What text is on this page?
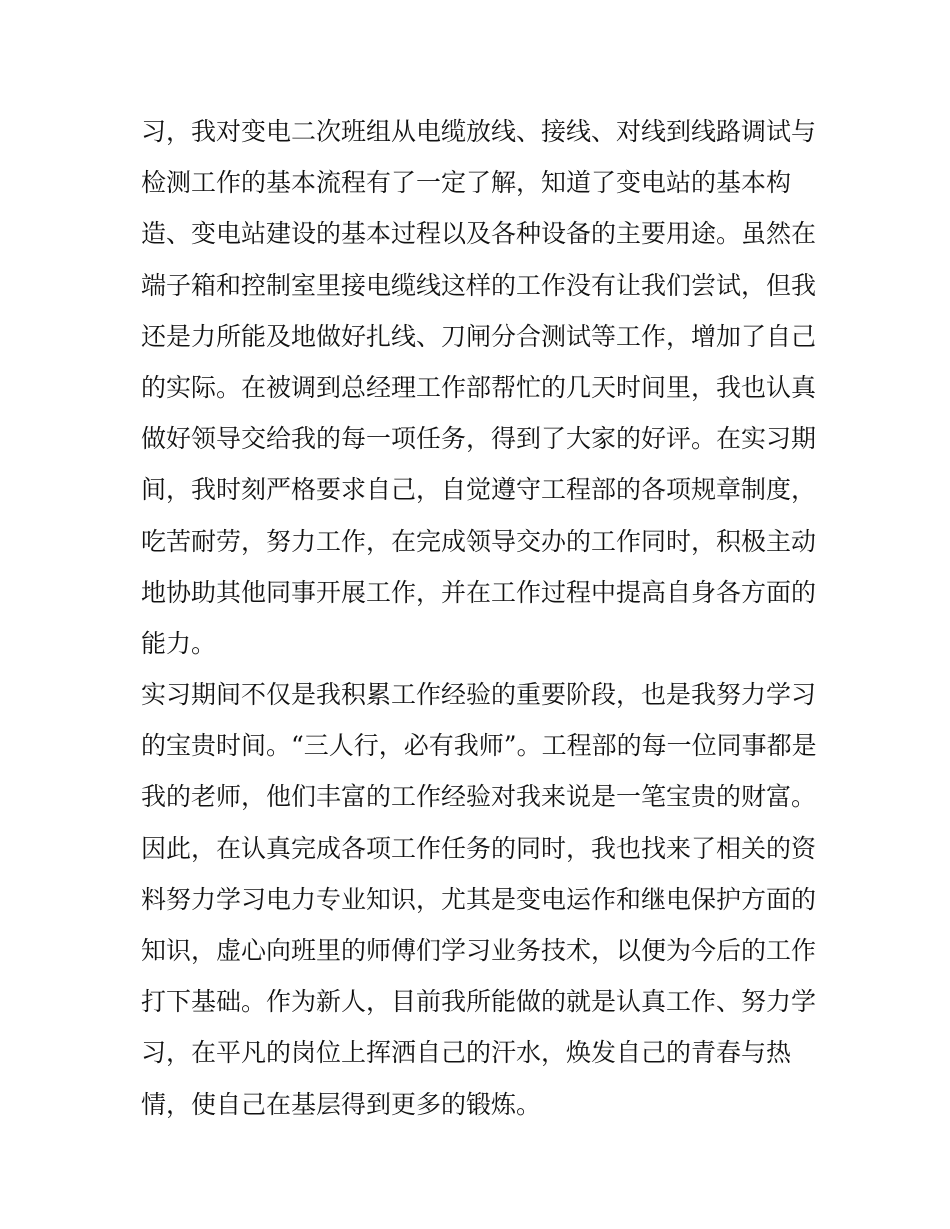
习，我对变电二次班组从电缆放线、接线、对线到线路调试与
检测工作的基本流程有了一定了解，知道了变电站的基本构
造、变电站建设的基本过程以及各种设备的主要用途。虽然在
端子箱和控制室里接电缆线这样的工作没有让我们尝试，但我
还是力所能及地做好扎线、刀闸分合测试等工作，增加了自己
的实际。在被调到总经理工作部帮忙的几天时间里，我也认真
做好领导交给我的每一项任务，得到了大家的好评。在实习期
间，我时刻严格要求自己，自觉遵守工程部的各项规章制度，
吃苦耐劳，努力工作，在完成领导交办的工作同时，积极主动
地协助其他同事开展工作，并在工作过程中提高自身各方面的
能力。
实习期间不仅是我积累工作经验的重要阶段，也是我努力学习
的宝贵时间。“三人行，必有我师”。工程部的每一位同事都是
我的老师，他们丰富的工作经验对我来说是一笔宝贵的财富。
因此，在认真完成各项工作任务的同时，我也找来了相关的资
料努力学习电力专业知识，尤其是变电运作和继电保护方面的
知识，虚心向班里的师傅们学习业务技术，以便为今后的工作
打下基础。作为新人，目前我所能做的就是认真工作、努力学
习，在平凡的岗位上挥洒自己的汗水，焕发自己的青春与热
情，使自己在基层得到更多的锻炼。
